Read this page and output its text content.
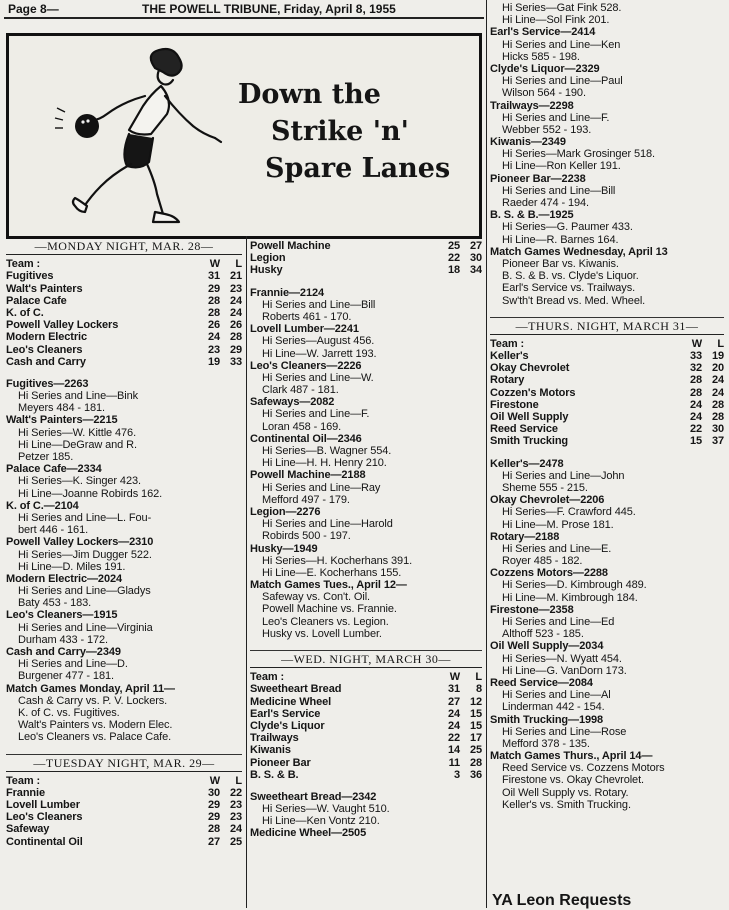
Page 8—	THE POWELL TRIBUNE, Friday, April 8, 1955
Down the
Strike 'n'
Spare Lanes
—MONDAY NIGHT, MAR. 28—
Team :	W	L
Fugitives	31 21
Walt's Painters	29 23
Palace Cafe	28 24
K. of C.	28 24
Powell Valley Lockers	26 26
Modern Electric	24 28
Leo's Cleaners	23 29
Cash and Carry	19 33
Fugitives—2263
Hi Series and Line—Bink
Meyers 484 - 181.
Walt's Painters—2215
Hi Series—W. Kittle 476.
Hi Line—DeGraw and R.
Petzer 185.
Palace Cafe—2334
Hi Series—K. Singer 423.
Hi Line—Joanne Robirds 162.
K. of C.—2104
Hi Series and Line—L. Fou-
bert 446 - 161.
Powell Valley Lockers—2310
Hi Series—Jim Dugger 522.
Hi Line—D. Miles 191.
Modern Electric—2024
Hi Series and Line—Gladys
Baty 453 - 183.
Leo's Cleaners—1915
Hi Series and Line—Virginia
Durham 433 - 172.
Cash and Carry—2349
Hi Series and Line—D.
Burgener 477 - 181.
Match Games Monday, April 11—
Cash & Carry vs. P. V. Lockers.
K. of C. vs. Fugitives.
Walt's Painters vs. Modern Elec.
Leo's Cleaners vs. Palace Cafe.
—TUESDAY NIGHT, MAR. 29—
Team :	W	L
Frannie	30 22
Lovell Lumber	29 23
Leo's Cleaners	29 23
Safeway	28 24
Continental Oil	27 25
Powell Machine	25 27
Legion	22 30
Husky	18 34
Frannie—2124
Hi Series and Line—Bill
Roberts 461 - 170.
Lovell Lumber—2241
Hi Series—August 456.
Hi Line—W. Jarrett 193.
Leo's Cleaners—2226
Hi Series and Line—W.
Clark 487 - 181.
Safeways—2082
Hi Series and Line—F.
Loran 458 - 169.
Continental Oil—2346
Hi Series—B. Wagner 554.
Hi Line—H. H. Henry 210.
Powell Machine—2188
Hi Series and Line—Ray
Mefford 497 - 179.
Legion—2276
Hi Series and Line—Harold
Robirds 500 - 197.
Husky—1949
Hi Series—H. Kocherhans 391.
Hi Line—E. Kocherhans 155.
Match Games Tues., April 12—
Safeway vs. Con't. Oil.
Powell Machine vs. Frannie.
Leo's Cleaners vs. Legion.
Husky vs. Lovell Lumber.
—WED. NIGHT, MARCH 30—
Team :	W	L
Sweetheart Bread	31	8
Medicine Wheel	27 12
Earl's Service	24 15
Clyde's Liquor	24 15
Trailways	22 17
Kiwanis	14 25
Pioneer Bar	11 28
B. S. & B.	3 36
Sweetheart Bread—2342
Hi Series—W. Vaught 510.
Hi Line—Ken Vontz 210.
Medicine Wheel—2505
Hi Series—Gat Fink 528.
Hi Line—Sol Fink 201.
Earl's Service—2414
Hi Series and Line—Ken
Hicks 585 - 198.
Clyde's Liquor—2329
Hi Series and Line—Paul
Wilson 564 - 190.
Trailways—2298
Hi Series and Line—F.
Webber 552 - 193.
Kiwanis—2349
Hi Series—Mark Grosinger 518.
Hi Line—Ron Keller 191.
Pioneer Bar—2238
Hi Series and Line—Bill
Raeder 474 - 194.
B. S. & B.—1925
Hi Series—G. Paumer 433.
Hi Line—R. Barnes 164.
Match Games Wednesday, April 13
Pioneer Bar vs. Kiwanis.
B. S. & B. vs. Clyde's Liquor.
Earl's Service vs. Trailways.
Sw'th't Bread vs. Med. Wheel.
—THURS. NIGHT, MARCH 31—
Team :	W	L
Keller's	33 19
Okay Chevrolet	32 20
Rotary	28 24
Cozzen's Motors	28 24
Firestone	24 28
Oil Well Supply	24 28
Reed Service	22 30
Smith Trucking	15 37
Keller's—2478
Hi Series and Line—John
Sheme 555 - 215.
Okay Chevrolet—2206
Hi Series—F. Crawford 445.
Hi Line—M. Prose 181.
Rotary—2188
Hi Series and Line—E.
Royer 485 - 182.
Cozzens Motors—2288
Hi Series—D. Kimbrough 489.
Hi Line—M. Kimbrough 184.
Firestone—2358
Hi Series and Line—Ed
Althoff 523 - 185.
Oil Well Supply—2034
Hi Series—N. Wyatt 454.
Hi Line—G. VanDorn 173.
Reed Service—2084
Hi Series and Line—Al
Linderman 442 - 154.
Smith Trucking—1998
Hi Series and Line—Rose
Mefford 378 - 135.
Match Games Thurs., April 14—
Reed Service vs. Cozzens Motors
Firestone vs. Okay Chevrolet.
Oil Well Supply vs. Rotary.
Keller's vs. Smith Trucking.
YA Leon Requests
